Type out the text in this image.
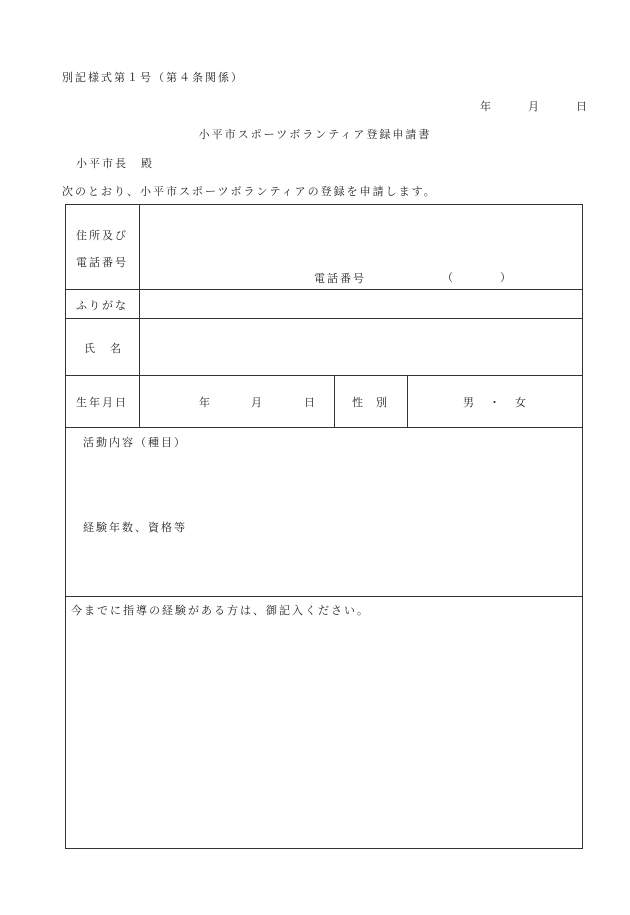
別記様式第１号（第４条関係）
年	月	日
小平市スポーツボランティア登録申請書
小平市長　殿
次のとおり、小平市スポーツボランティアの登録を申請します。
住所及び
電話番号
電話番号	（	）
ふりがな
氏 名
生年月日	年	月	日	性 別	男　・　女
活動内容（種目）
経験年数、資格等
今までに指導の経験がある方は、御記入ください。
